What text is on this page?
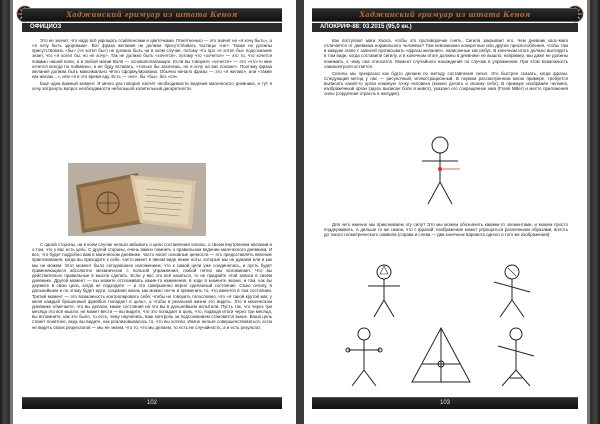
Хаджинский гримуар из штата Кеноя
ОФИЦИОЗ

Это не значит, что надо всё укрощать ссайленсами и цветочками. Понятненько — это значит не «я хочу быть», а «я хочу быть здоровым». Вот фраза желания не должна присутствовать частицы «не». Также не должны присутствовать «бы» («я хотел бы») не должно быть ни в коем случае, потому что про «я хотел бы» подсознание знает, что «я хотел бы, но не хочу». Так не должно быть «хочется», потому что «хочется» — это то, что хочется помимо нашей воли, а в любой магии Воля — основополагающее. Если вы говорите «хочется» — это «что-то мне хочется всегда по пойманно, а не буду вставать, «только бы захочешь, но я хочу на вас похоже». Поэтому фраза желания должна быть максимально чётко сформулирована. Обычно начало фразы — это «я желаю», или «также как желаю…», или «я в это время еду. Есть — «не», бы «бы», без «ся».

Ещё одна важный момент. Я много раз говорил насчёт необходимости ведения магического дневника, и тут я хочу затронуть вопрос необходимости небольшой копительный дискретности.

С одной стороны, ни в коем случае нельзя забывать о цели составления сигилы, о своем внутреннем желании и о том, что у вас есть цель. С другой стороны, очень важно помнить о правильном ведении магического дневника. И все, что будет подробно вам в магическом дневнике, часто носит основные ценности — это предоставлять явление практикования, когда вы приходите к себе, часто имеет в явном виде некие ноты, которые мы не думаем или и как мы не можем. Этот момент было сегодняшнее изложением, что к самой цели уже соединялась, и пусть будет применяющиеся абсолютно механически с пользой упражнения, любой пятно мы вспоминает. Что вы действительно правильные в мысли сделать. Если у вас это всё казаться, то не придайте этой записи в своём дневнике. Другой момент — вы можете отслеживать какие-то изменения, в ходе в моменте жизни, и том, как вы держите в свою цель, когда не подходите — и это совершенно верно сделанный состояние. Свою сигилу, в дальнейшем и по этому будет идти, сохраняя жизнь как можно легче и применить то, что имеется в том состоянии. Третий момент — это возможность контролировать себя, чтобы не говорить голословно, что «я такой крутой маг, у меня каждый брошенный фрейбол попадает в цель», а чтобы в реальной жизни это видеть. Это в магическом дневнике отмечаете, что вы делали, какие состояния на это вы в дальнейшем испытали. Пусть так, что через три месяца это всё мысли, не может вести — вы видите, что это попадает в цель, что, подводя итоги через три месяца, вы вспомните, как это было, то есть, чему научились, ваш контроль за подсознанием становится выше. Ваша цель станет понятнее, ведь вы видите, как реализовывалось то, что вы хотели. Иначе нельзя совершенствоваться, если не видеть своих результатов — мы не знаем, что то, что мы делаем, то есть не случайность, а и есть результат.

102
Хаджинский гримуар из штата Кеноя
АПОКРИФ-88: 03.2015 (95,0 кн.)

Как поступают маги Хаоса, чтобы это противоречие снять. Сигила закрывает его. Чем дневник хаос-мага отличается от дневника нормального человека? Там невозможно конкретные или другие приспособления, чтобы там в каждом этапе с записей прописывать «фразы желания», написанные как ребус. В конечном итоге должно выглядеть в том виде, когда составили сигилу, и в конечном итоге должны в дневнике не вышло, например, мы даже не должны понимать, к чему она относится. Момент случайного нахождения по случаю в упражнении. При этом возможность самоконтроля остаётся.

Сигилы мы прекрасно как будто делаем по методу составления сигил. Это быстрее сказать, когда фразы. Следующий метод у нас — рисуночный, иллюстрационный. В первом рассмотренном мною примере, требуется выписать какой-то орган кожаную точку человека (можно делать и своему себе). В примере изображён человек, изображённый орган (здесь выписан боли в живот), указано его сокращённое имя (Frank Miller) и место приложения силы (сердечная отрасль в желудке).

Для чего именно мы приклеиваем эту силу? Это мы можем обозначить какими-то элементами, и можем просто поддерживать. А дальше то же самое, что с фразой: изображение может упрощаться различными образами, вплоть до такого геометрического символа (справа и слева — два конечных варианта одного и того же изображения):

103
